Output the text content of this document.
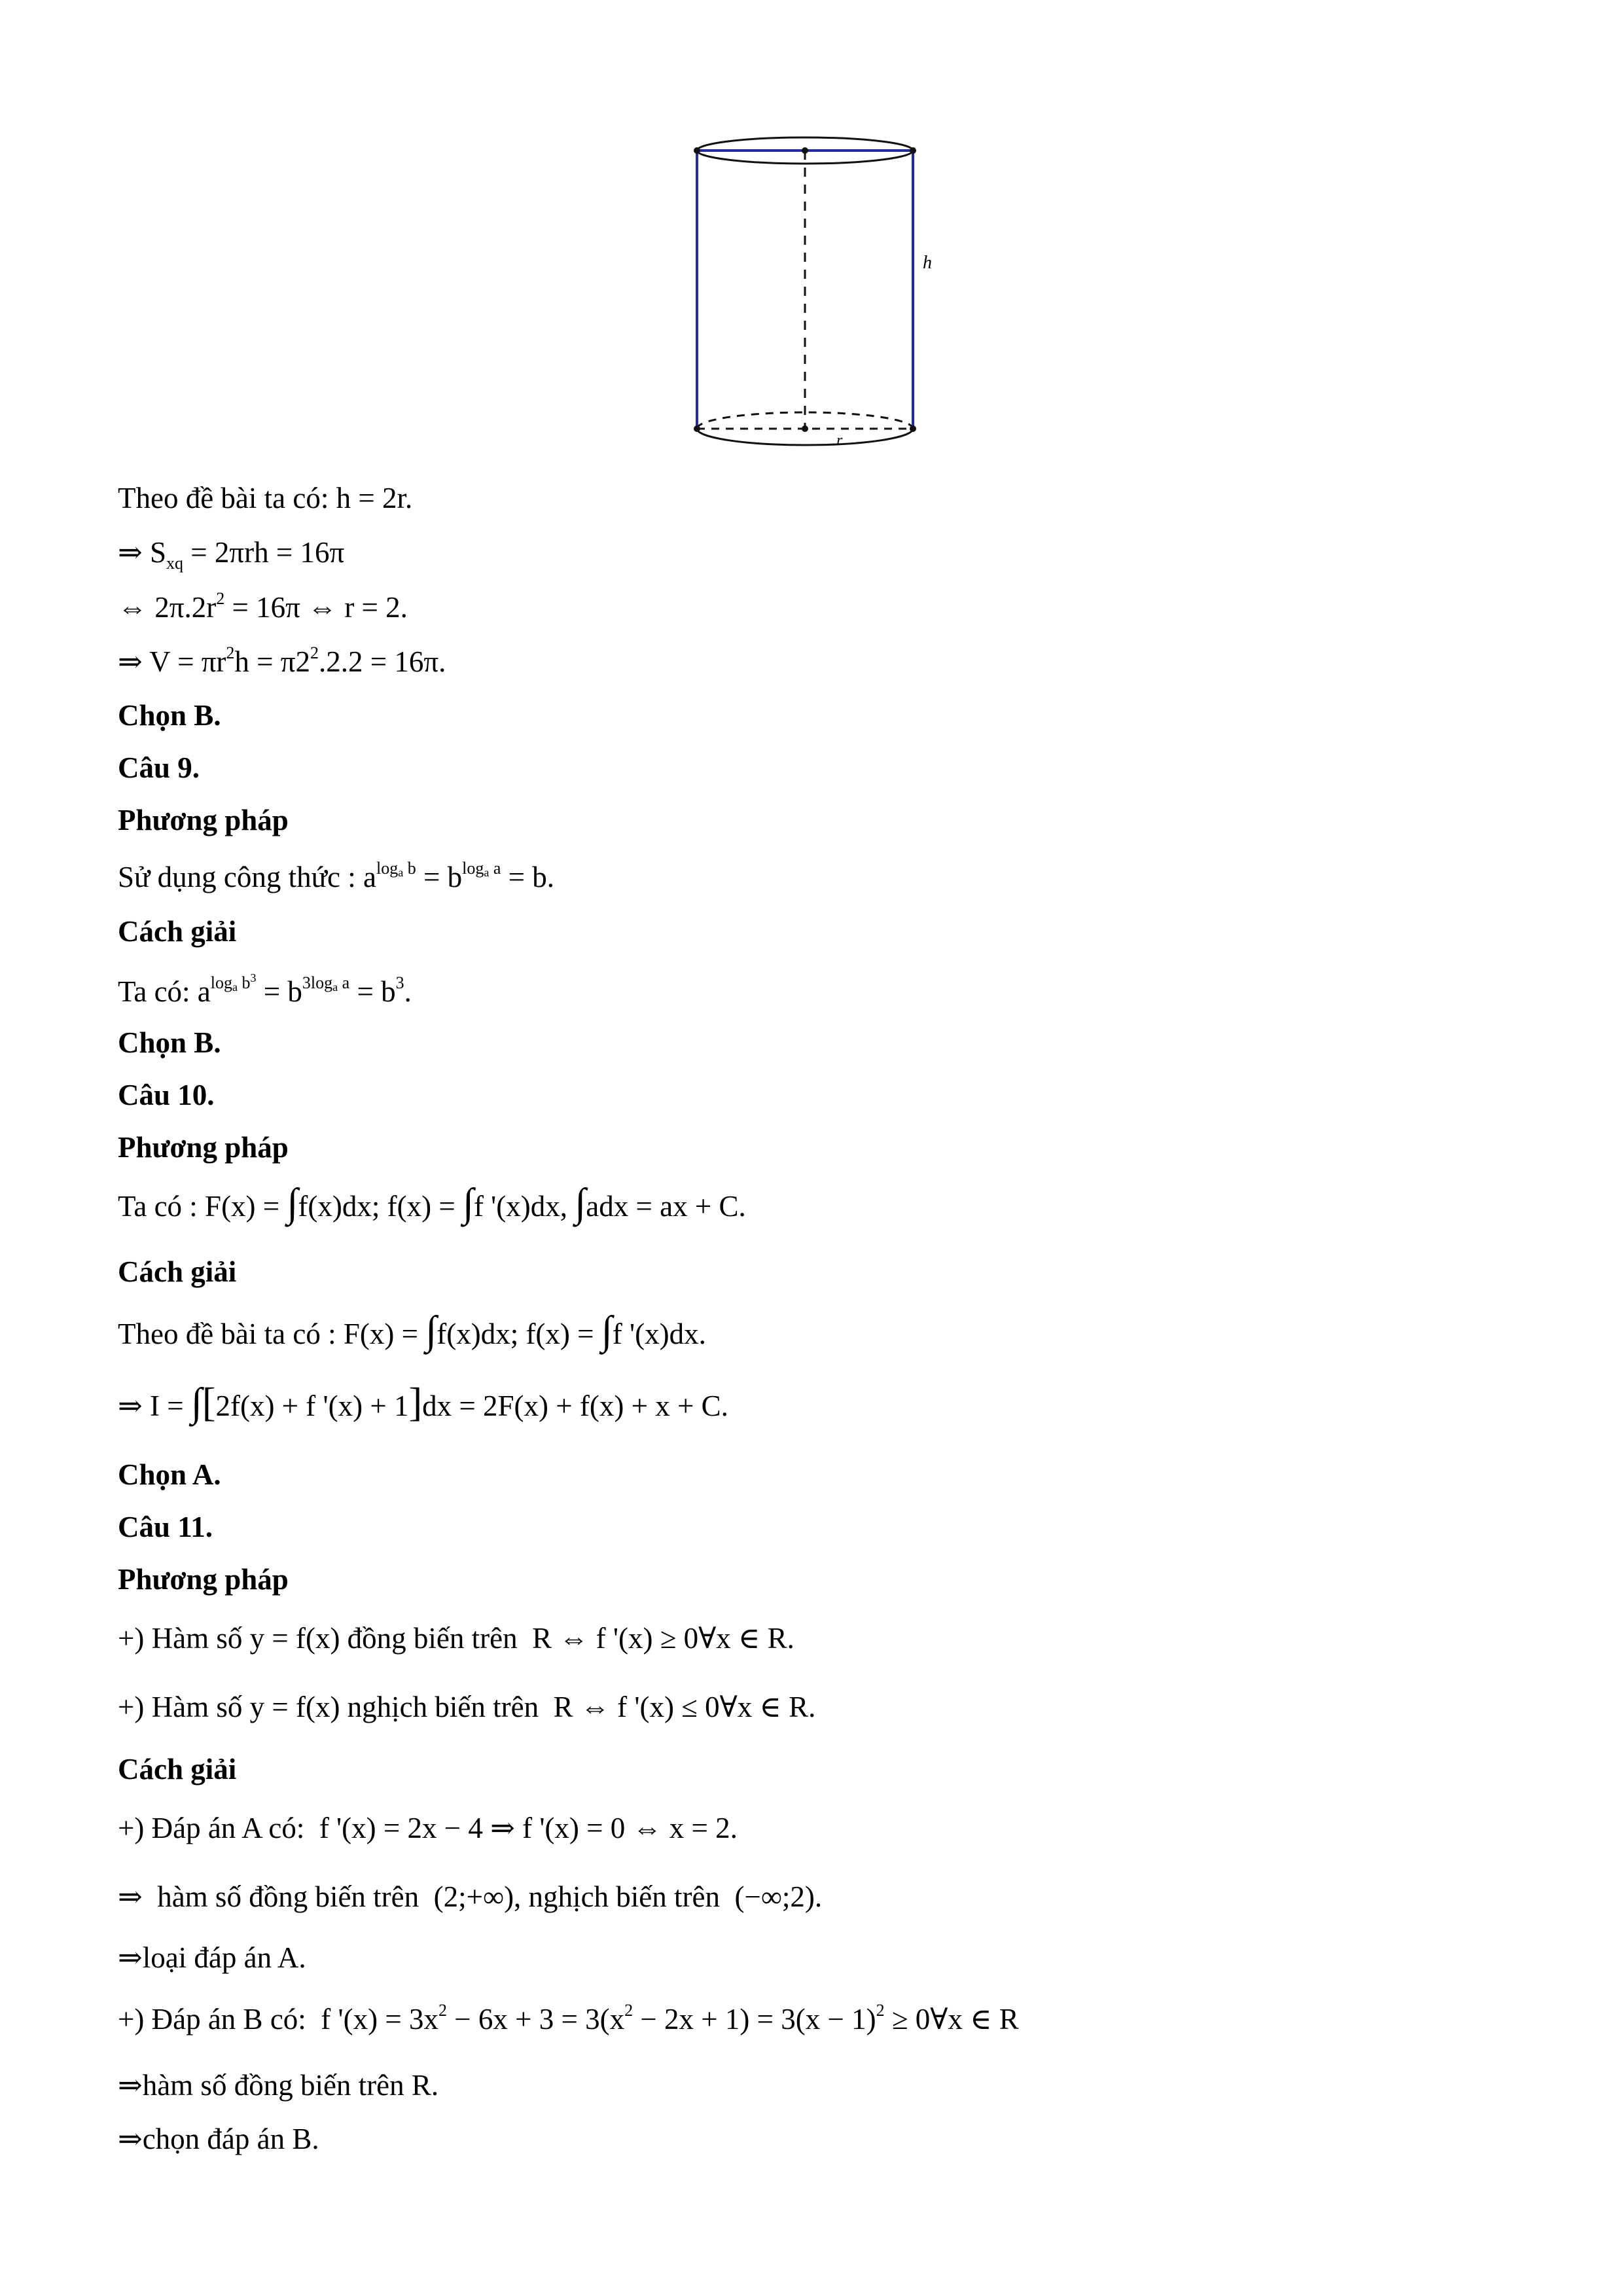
h
r
Theo đề bài ta có: h = 2r.
⇒ $S_{xq} = 2\pi rh = 16\pi$
⇔ $2\pi.2r^2 = 16\pi$ ⇔ r = 2.
⇒ $V = \pi r^2h = \pi 2^2.2.2 = 16\pi$.
Chọn B.
Câu 9.
Phương pháp
Sử dụng công thức : $a^{log_a b} = b^{log_a a} = b$.
Cách giải
Ta có: $a^{log_a b^3} = b^{3log_a a} = b^3$.
Chọn B.
Câu 10.
Phương pháp
Ta có : F(x) = ∫f(x)dx; f(x) = ∫f '(x)dx, ∫adx = ax + C.
Cách giải
Theo đề bài ta có : F(x) = ∫f(x)dx; f(x) = ∫f '(x)dx.
⇒ I = ∫[2f(x) + f '(x) + 1]dx = 2F(x) + f(x) + x + C.
Chọn A.
Câu 11.
Phương pháp
+) Hàm số y = f(x) đồng biến trên  R ⇔ f '(x) ≥ 0∀x ∈ R.
+) Hàm số y = f(x) nghịch biến trên  R ⇔ f '(x) ≤ 0∀x ∈ R.
Cách giải
+) Đáp án A có:  f '(x) = 2x − 4 ⇒ f '(x) = 0 ⇔ x = 2.
⇒  hàm số đồng biến trên  (2;+∞), nghịch biến trên  (−∞;2).
⇒loại đáp án A.
+) Đáp án B có:  f '$(x) = 3x^2 - 6x + 3 = 3(x^2 - 2x + 1) = 3(x - 1)^2$ ≥ 0∀x ∈ R
⇒hàm số đồng biến trên R.
⇒chọn đáp án B.
